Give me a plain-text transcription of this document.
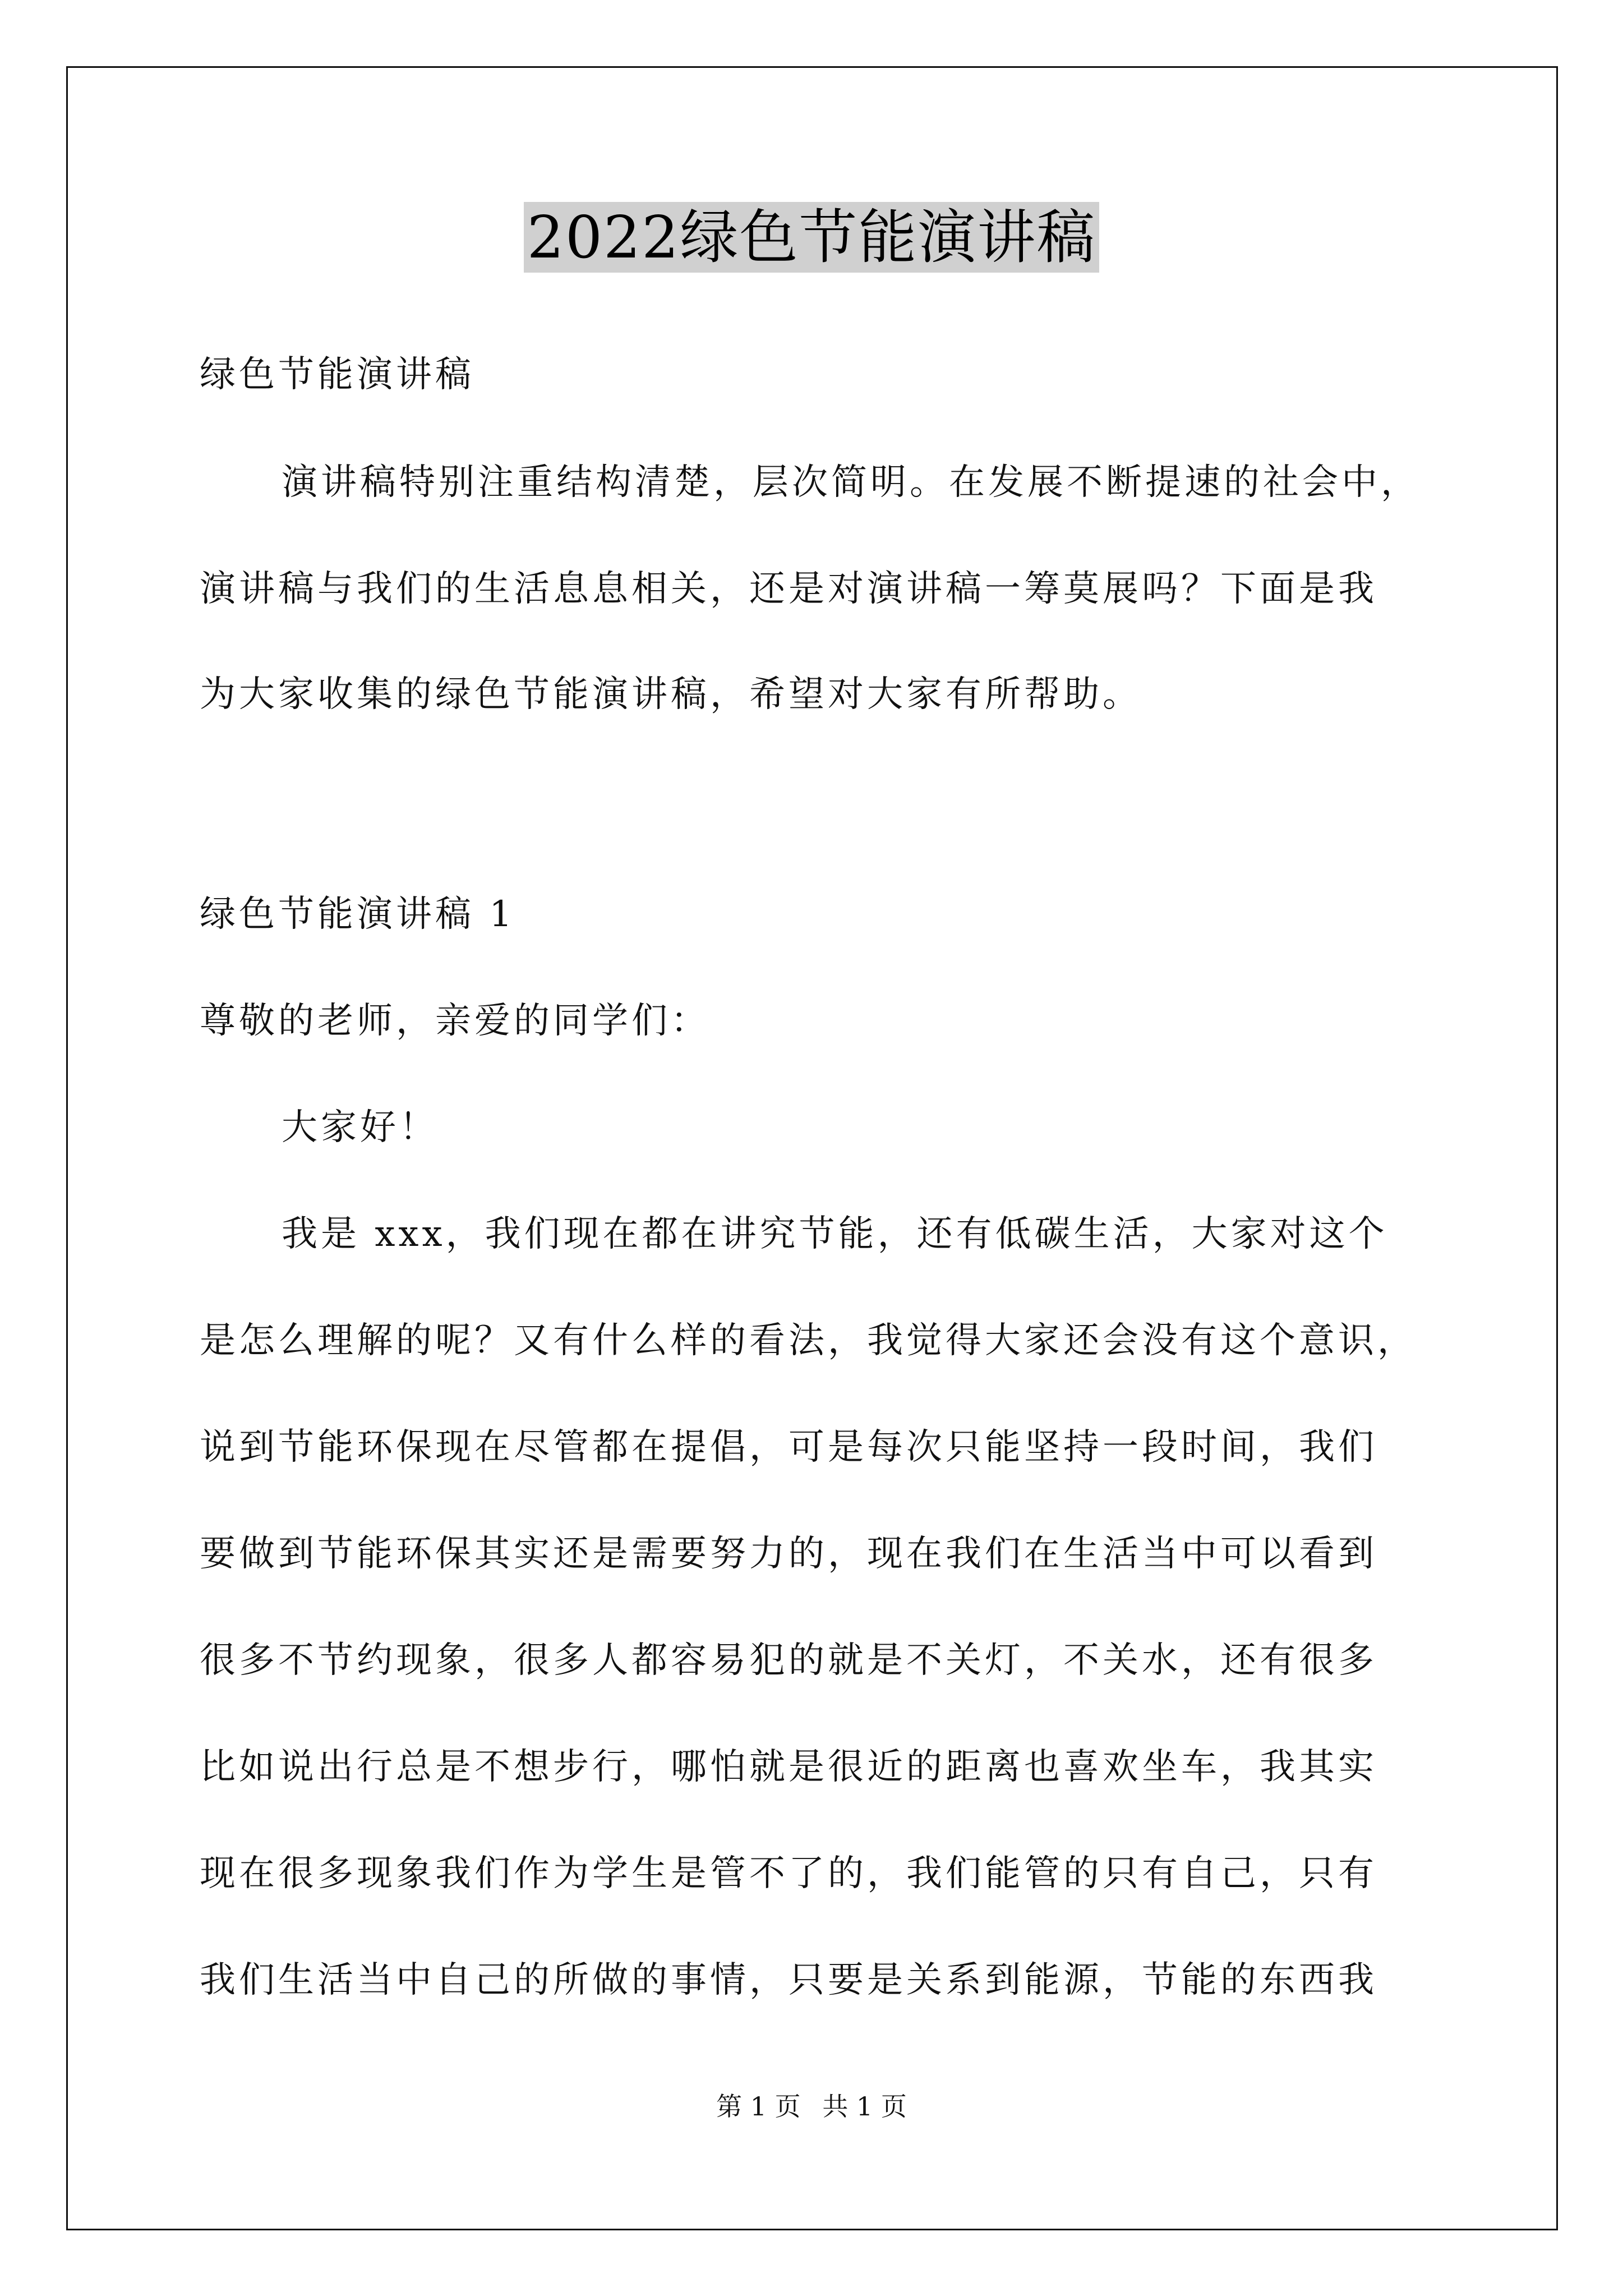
2022绿色节能演讲稿
绿色节能演讲稿
演讲稿特别注重结构清楚，层次简明。在发展不断提速的社会中，
演讲稿与我们的生活息息相关，还是对演讲稿一筹莫展吗？下面是我
为大家收集的绿色节能演讲稿，希望对大家有所帮助。
绿色节能演讲稿 1
尊敬的老师，亲爱的同学们：
大家好！
我是 xxx，我们现在都在讲究节能，还有低碳生活，大家对这个
是怎么理解的呢？又有什么样的看法，我觉得大家还会没有这个意识，
说到节能环保现在尽管都在提倡，可是每次只能坚持一段时间，我们
要做到节能环保其实还是需要努力的，现在我们在生活当中可以看到
很多不节约现象，很多人都容易犯的就是不关灯，不关水，还有很多
比如说出行总是不想步行，哪怕就是很近的距离也喜欢坐车，我其实
现在很多现象我们作为学生是管不了的，我们能管的只有自己，只有
我们生活当中自己的所做的事情，只要是关系到能源，节能的东西我
第 1 页 共 1 页
